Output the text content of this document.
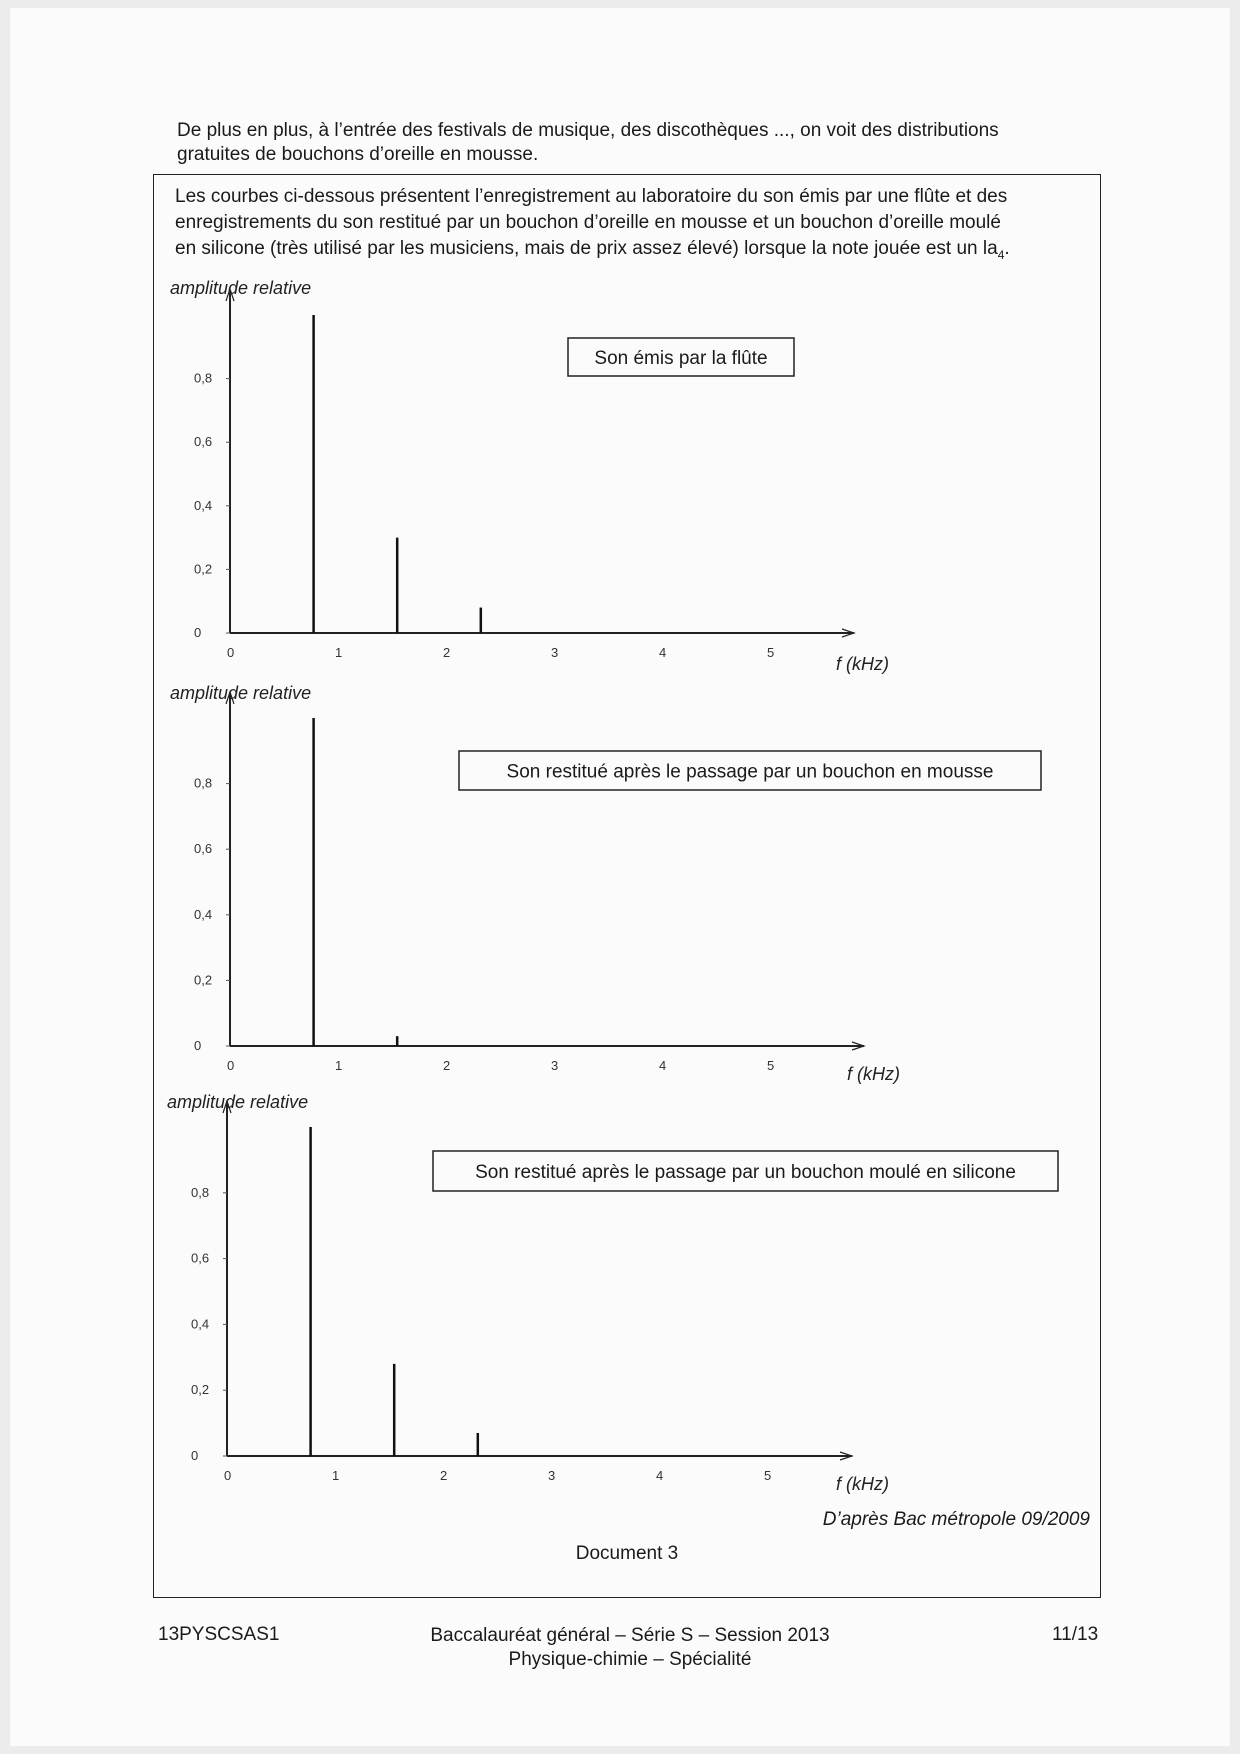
De plus en plus, à l’entrée des festivals de musique, des discothèques ..., on voit des distributions
gratuites de bouchons d’oreille en mousse.
Les courbes ci-dessous présentent l’enregistrement au laboratoire du son émis par une flûte et des
enregistrements du son restitué par un bouchon d’oreille en mousse et un bouchon d’oreille moulé
en silicone (très utilisé par les musiciens, mais de prix assez élevé) lorsque la note jouée est un $la_4$.
amplitude relative
0
0,2
0,4
0,6
0,8
0	1	2	3	4	5
f (kHz)
Son émis par la flûte
amplitude relative
0
0,2
0,4
0,6
0,8
0	1	2	3	4	5	f (kHz)
Son restitué après le passage par un bouchon en mousse
amplitude relative
0
0,2
0,4
0,6
0,8
0	1	2	3	4	5	f (kHz)
Son restitué après le passage par un bouchon moulé en silicone
D’après Bac métropole 09/2009
Document 3
13PYSCSAS1	Baccalauréat général – Série S – Session 2013
Physique-chimie – Spécialité
11/13
